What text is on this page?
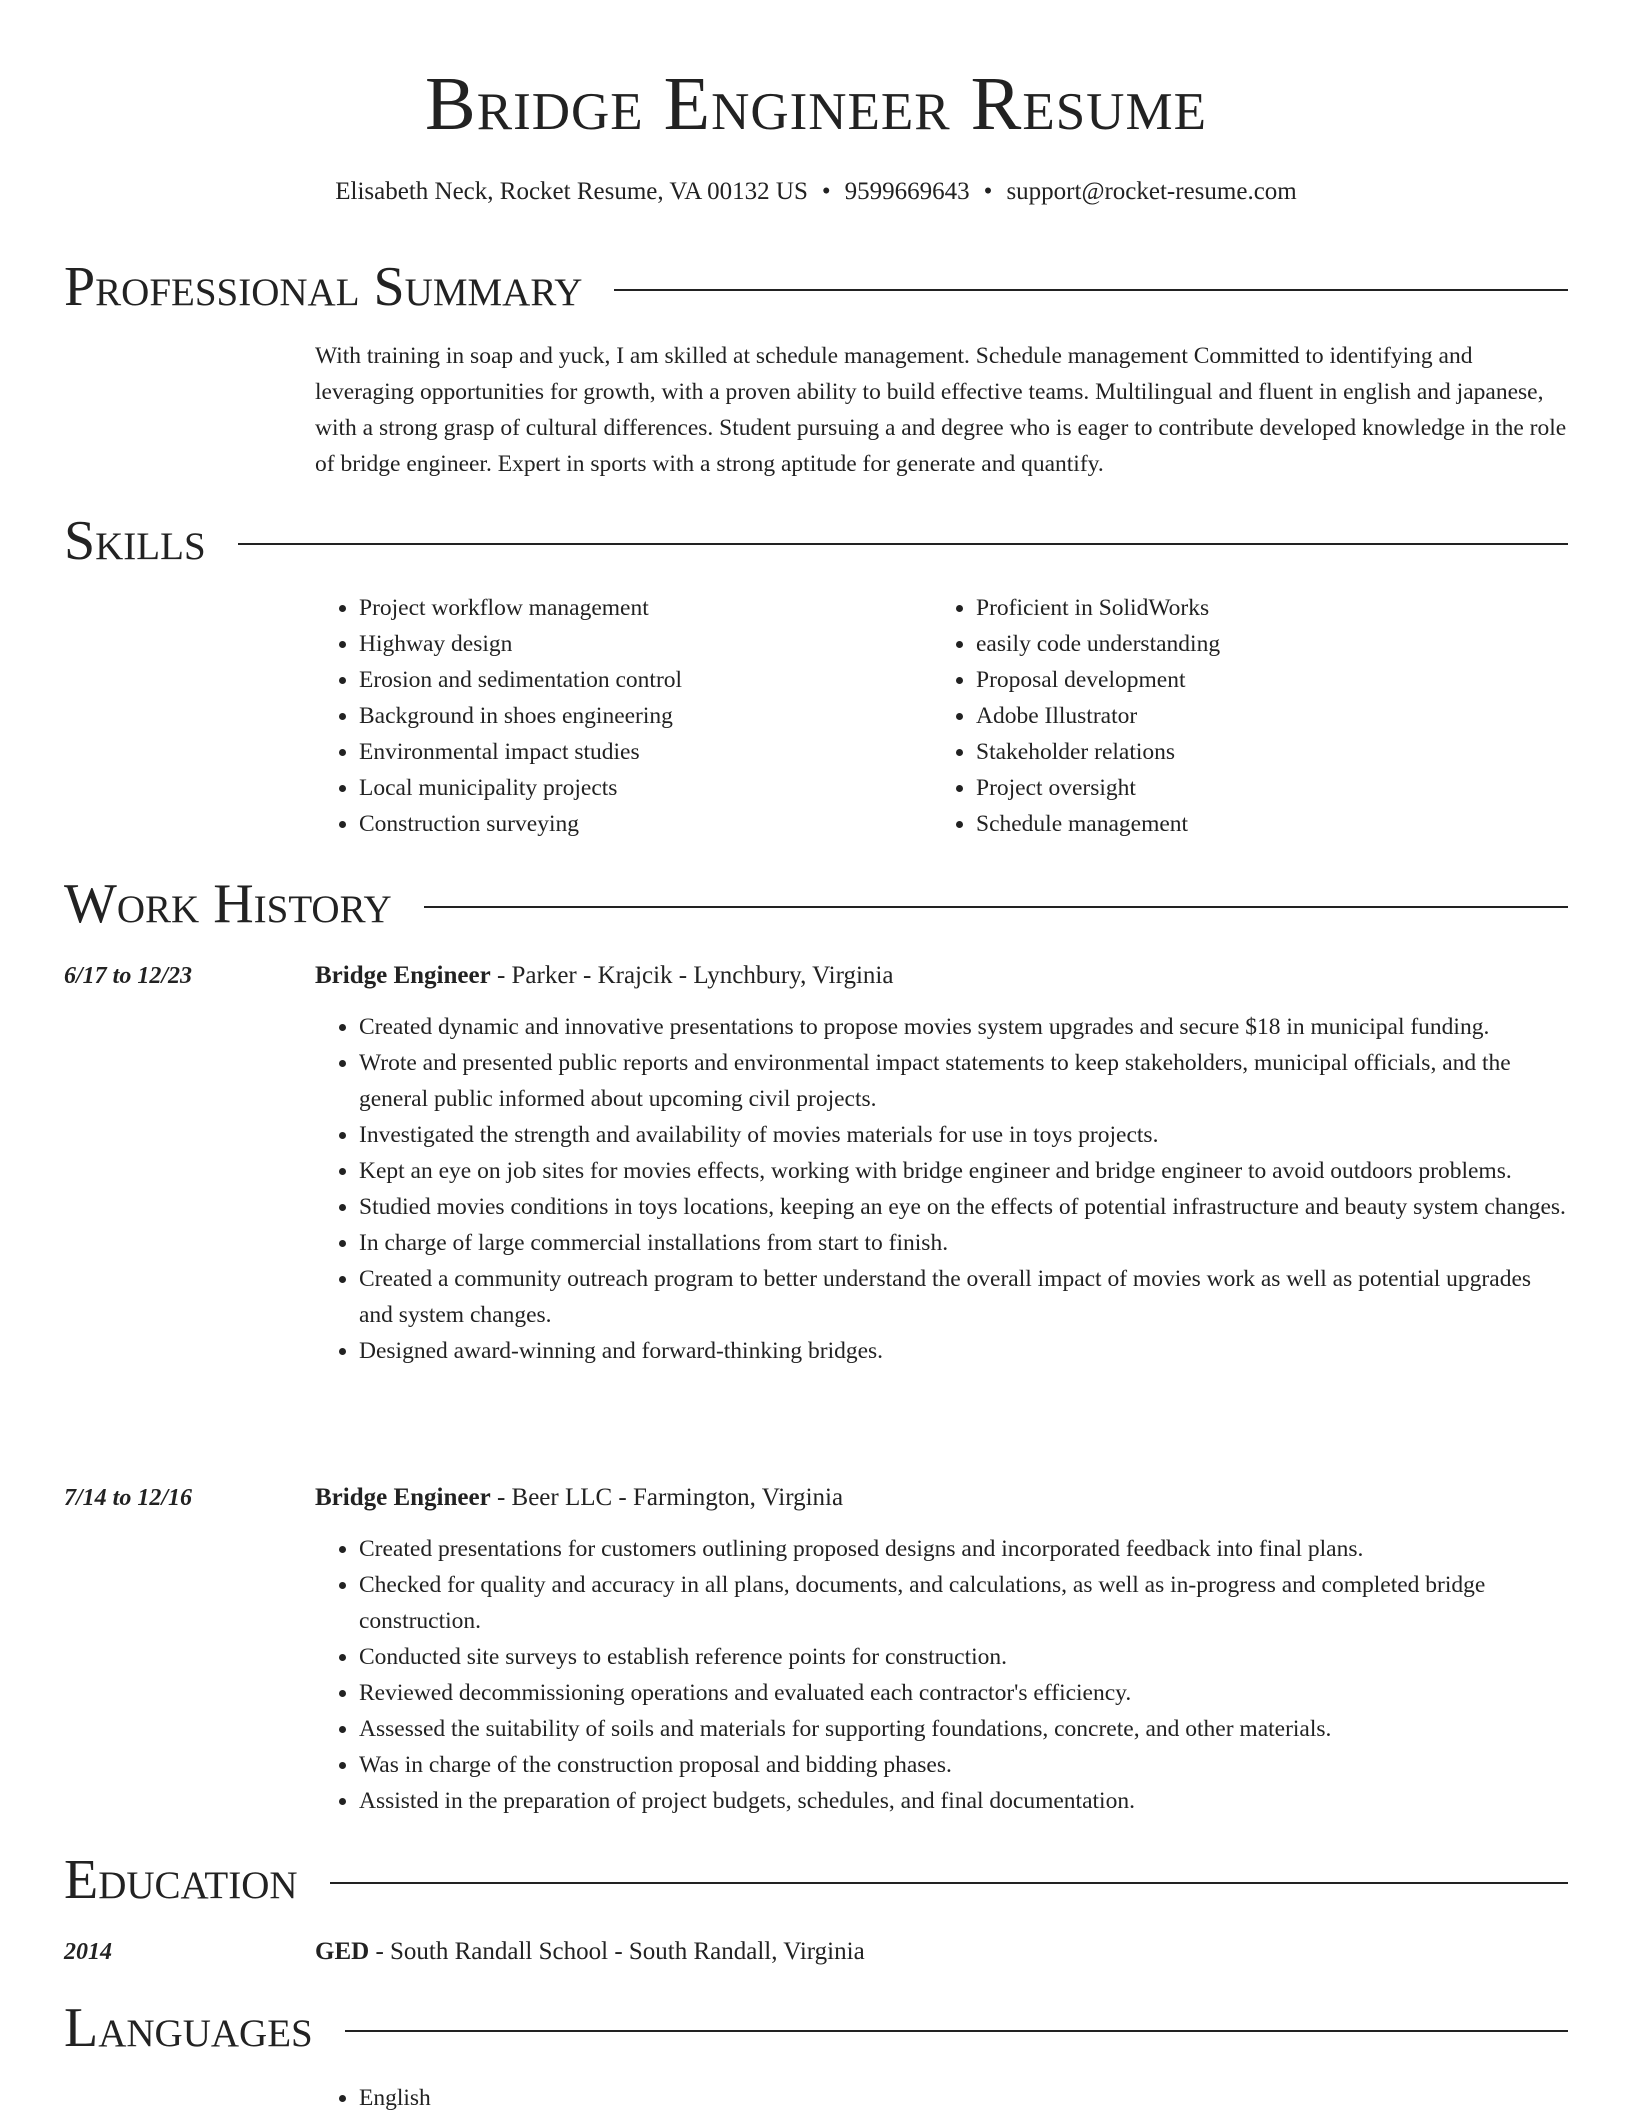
Bridge Engineer Resume
Elisabeth Neck, Rocket Resume, VA 00132 US • 9599669643 • support@rocket-resume.com
Professional Summary
With training in soap and yuck, I am skilled at schedule management. Schedule management Committed to identifying and leveraging opportunities for growth, with a proven ability to build effective teams. Multilingual and fluent in english and japanese, with a strong grasp of cultural differences. Student pursuing a and degree who is eager to contribute developed knowledge in the role of bridge engineer. Expert in sports with a strong aptitude for generate and quantify.
Skills
• Project workflow management
• Highway design
• Erosion and sedimentation control
• Background in shoes engineering
• Environmental impact studies
• Local municipality projects
• Construction surveying
• Proficient in SolidWorks
• easily code understanding
• Proposal development
• Adobe Illustrator
• Stakeholder relations
• Project oversight
• Schedule management
Work History
6/17 to 12/23	Bridge Engineer - Parker - Krajcik - Lynchbury, Virginia
• Created dynamic and innovative presentations to propose movies system upgrades and secure $18 in municipal funding.
• Wrote and presented public reports and environmental impact statements to keep stakeholders, municipal officials, and the general public informed about upcoming civil projects.
• Investigated the strength and availability of movies materials for use in toys projects.
• Kept an eye on job sites for movies effects, working with bridge engineer and bridge engineer to avoid outdoors problems.
• Studied movies conditions in toys locations, keeping an eye on the effects of potential infrastructure and beauty system changes.
• In charge of large commercial installations from start to finish.
• Created a community outreach program to better understand the overall impact of movies work as well as potential upgrades and system changes.
• Designed award-winning and forward-thinking bridges.
7/14 to 12/16	Bridge Engineer - Beer LLC - Farmington, Virginia
• Created presentations for customers outlining proposed designs and incorporated feedback into final plans.
• Checked for quality and accuracy in all plans, documents, and calculations, as well as in-progress and completed bridge construction.
• Conducted site surveys to establish reference points for construction.
• Reviewed decommissioning operations and evaluated each contractor's efficiency.
• Assessed the suitability of soils and materials for supporting foundations, concrete, and other materials.
• Was in charge of the construction proposal and bidding phases.
• Assisted in the preparation of project budgets, schedules, and final documentation.
Education
2014	GED - South Randall School - South Randall, Virginia
Languages
• English
